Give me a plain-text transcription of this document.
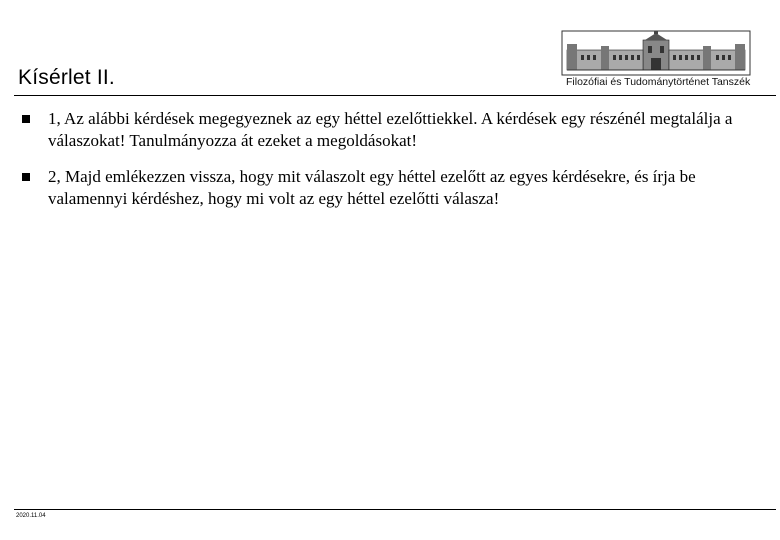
Filozófiai és Tudománytörténet Tanszék
Kísérlet II.
1, Az alábbi kérdések megegyeznek az egy héttel ezelőttiekkel. A kérdések egy részénél megtalálja a válaszokat! Tanulmányozza át ezeket a megoldásokat!
2, Majd emlékezzen vissza, hogy mit válaszolt egy héttel ezelőtt az egyes kérdésekre, és írja be valamennyi kérdéshez, hogy mi volt az egy héttel ezelőtti válasza!
2020.11.04
